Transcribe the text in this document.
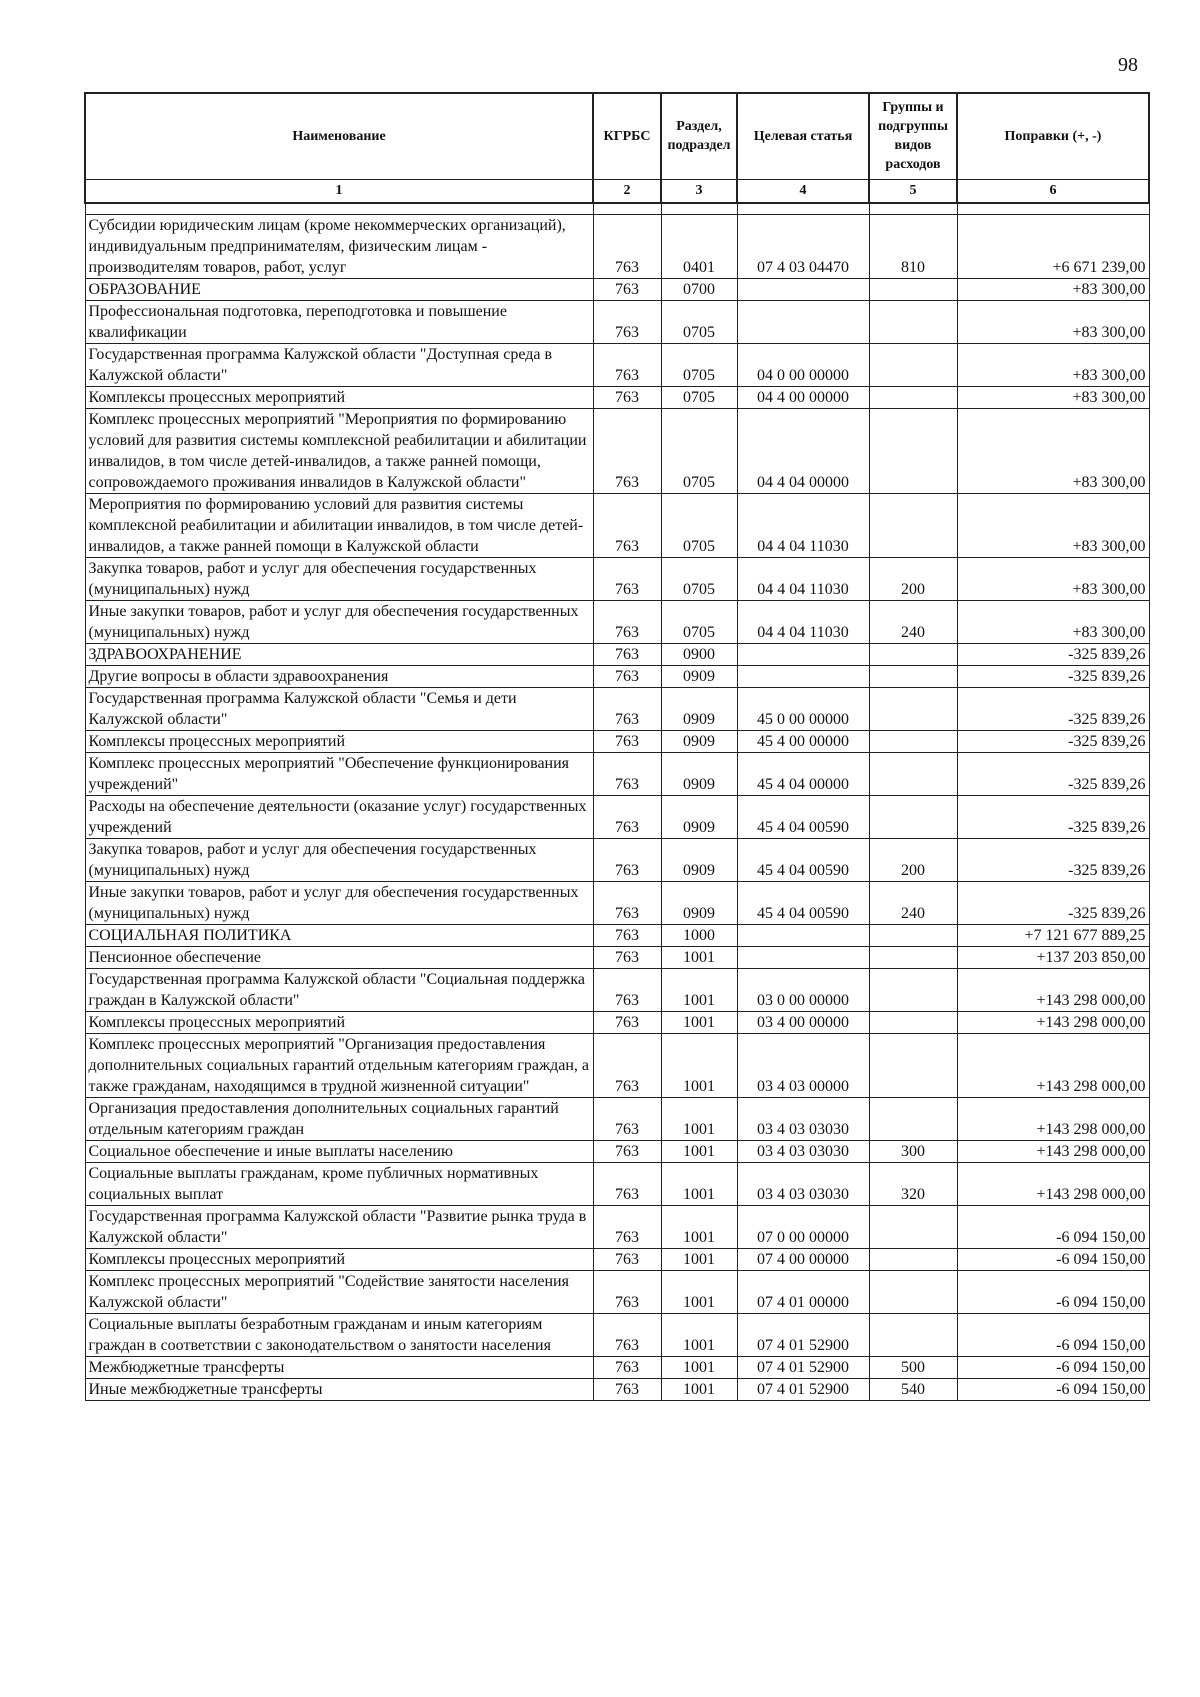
98
Наименование	КГРБС	Раздел, подраздел	Целевая статья	Группы и подгруппы видов расходов	Поправки (+, -)
1	2	3	4	5	6

Субсидии юридическим лицам (кроме некоммерческих организаций), индивидуальным предпринимателям, физическим лицам - производителям товаров, работ, услуг	763	0401	07 4 03 04470	810	+6 671 239,00
ОБРАЗОВАНИЕ	763	0700			+83 300,00
Профессиональная подготовка, переподготовка и повышение квалификации	763	0705			+83 300,00
Государственная программа Калужской области "Доступная среда в Калужской области"	763	0705	04 0 00 00000		+83 300,00
Комплексы процессных мероприятий	763	0705	04 4 00 00000		+83 300,00
Комплекс процессных мероприятий "Мероприятия по формированию условий для развития системы комплексной реабилитации и абилитации инвалидов, в том числе детей-инвалидов, а также ранней помощи, сопровождаемого проживания инвалидов в Калужской области"	763	0705	04 4 04 00000		+83 300,00
Мероприятия по формированию условий для развития системы комплексной реабилитации и абилитации инвалидов, в том числе детей-инвалидов, а также ранней помощи в Калужской области	763	0705	04 4 04 11030		+83 300,00
Закупка товаров, работ и услуг для обеспечения государственных (муниципальных) нужд	763	0705	04 4 04 11030	200	+83 300,00
Иные закупки товаров, работ и услуг для обеспечения государственных (муниципальных) нужд	763	0705	04 4 04 11030	240	+83 300,00
ЗДРАВООХРАНЕНИЕ	763	0900			-325 839,26
Другие вопросы в области здравоохранения	763	0909			-325 839,26
Государственная программа Калужской области "Семья и дети Калужской области"	763	0909	45 0 00 00000		-325 839,26
Комплексы процессных мероприятий	763	0909	45 4 00 00000		-325 839,26
Комплекс процессных мероприятий "Обеспечение функционирования учреждений"	763	0909	45 4 04 00000		-325 839,26
Расходы на обеспечение деятельности (оказание услуг) государственных учреждений	763	0909	45 4 04 00590		-325 839,26
Закупка товаров, работ и услуг для обеспечения государственных (муниципальных) нужд	763	0909	45 4 04 00590	200	-325 839,26
Иные закупки товаров, работ и услуг для обеспечения государственных (муниципальных) нужд	763	0909	45 4 04 00590	240	-325 839,26
СОЦИАЛЬНАЯ ПОЛИТИКА	763	1000			+7 121 677 889,25
Пенсионное обеспечение	763	1001			+137 203 850,00
Государственная программа Калужской области "Социальная поддержка граждан в Калужской области"	763	1001	03 0 00 00000		+143 298 000,00
Комплексы процессных мероприятий	763	1001	03 4 00 00000		+143 298 000,00
Комплекс процессных мероприятий "Организация предоставления дополнительных социальных гарантий отдельным категориям граждан, а также гражданам, находящимся в трудной жизненной ситуации"	763	1001	03 4 03 00000		+143 298 000,00
Организация предоставления дополнительных социальных гарантий отдельным категориям граждан	763	1001	03 4 03 03030		+143 298 000,00
Социальное обеспечение и иные выплаты населению	763	1001	03 4 03 03030	300	+143 298 000,00
Социальные выплаты гражданам, кроме публичных нормативных социальных выплат	763	1001	03 4 03 03030	320	+143 298 000,00
Государственная программа Калужской области "Развитие рынка труда в Калужской области"	763	1001	07 0 00 00000		-6 094 150,00
Комплексы процессных мероприятий	763	1001	07 4 00 00000		-6 094 150,00
Комплекс процессных мероприятий "Содействие занятости населения Калужской области"	763	1001	07 4 01 00000		-6 094 150,00
Социальные выплаты безработным гражданам и иным категориям граждан в соответствии с законодательством о занятости населения	763	1001	07 4 01 52900		-6 094 150,00
Межбюджетные трансферты	763	1001	07 4 01 52900	500	-6 094 150,00
Иные межбюджетные трансферты	763	1001	07 4 01 52900	540	-6 094 150,00
